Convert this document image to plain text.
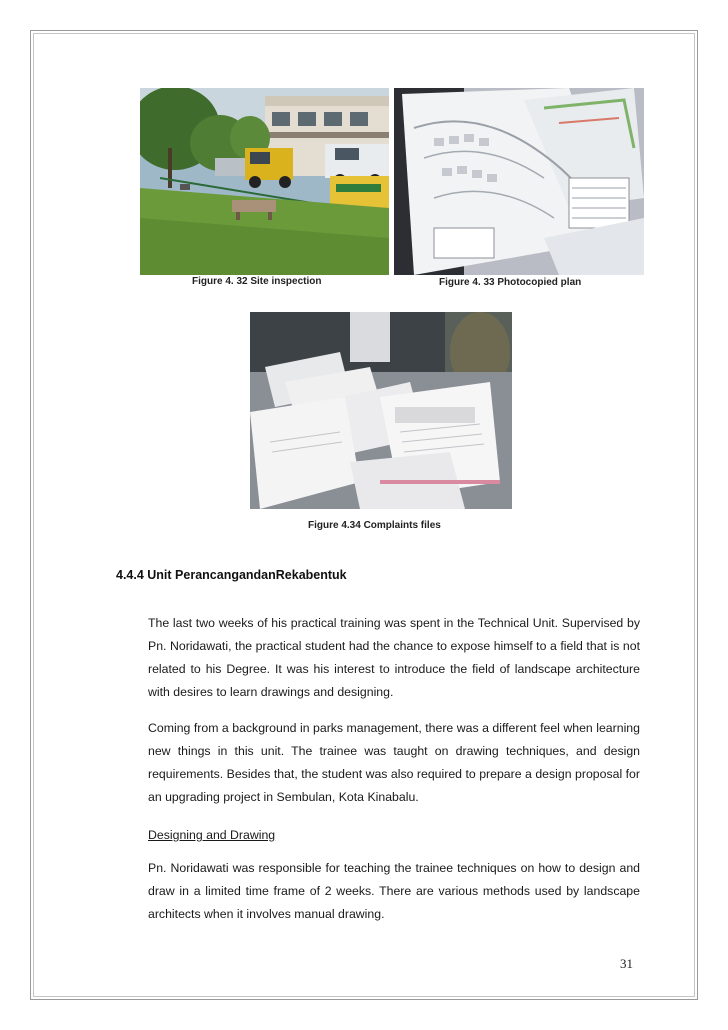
Figure 4. 32 Site inspection	Figure 4. 33 Photocopied plan
Figure 4.34 Complaints files
4.4.4 Unit PerancangandanRekabentuk

The last two weeks of his practical training was spent in the Technical Unit. Supervised by Pn. Noridawati, the practical student had the chance to expose himself to a field that is not related to his Degree. It was his interest to introduce the field of landscape architecture with desires to learn drawings and designing.

Coming from a background in parks management, there was a different feel when learning new things in this unit. The trainee was taught on drawing techniques, and design requirements. Besides that, the student was also required to prepare a design proposal for an upgrading project in Sembulan, Kota Kinabalu.

Designing and Drawing

Pn. Noridawati was responsible for teaching the trainee techniques on how to design and draw in a limited time frame of 2 weeks. There are various methods used by landscape architects when it involves manual drawing.

31
